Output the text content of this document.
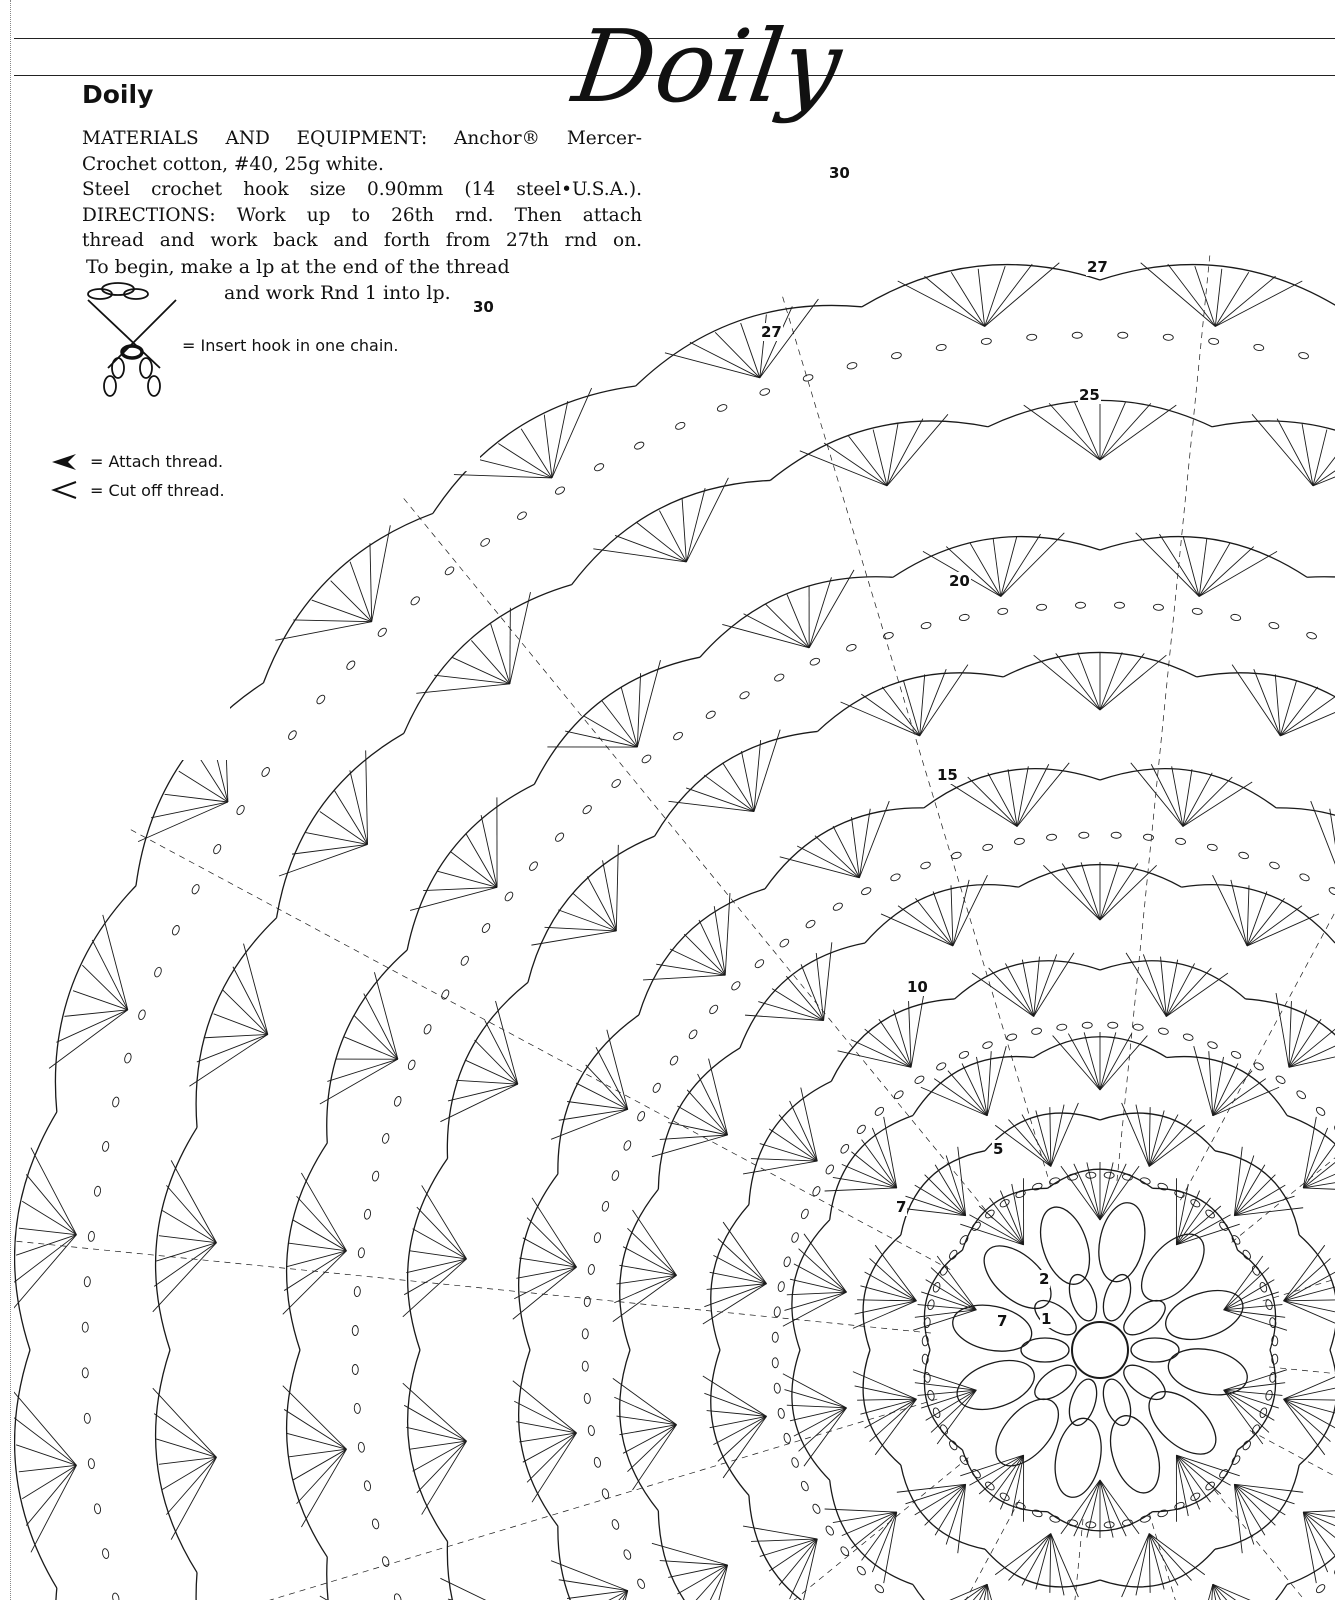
Doily
Doily

MATERIALS AND EQUIPMENT: Anchor® Mercer-

Crochet cotton, #40, 25g white.

Steel crochet hook size 0.90mm (14 steel•U.S.A.).

DIRECTIONS: Work up to 26th rnd. Then attach

thread and work back and forth from 27th rnd on.

To begin, make a lp at the end of the thread
and work Rnd 1 into lp.
= Insert hook in one chain.
= Attach thread.
= Cut off thread.
2
1
7
7
5
10
15
20
25
27
27
30
30
